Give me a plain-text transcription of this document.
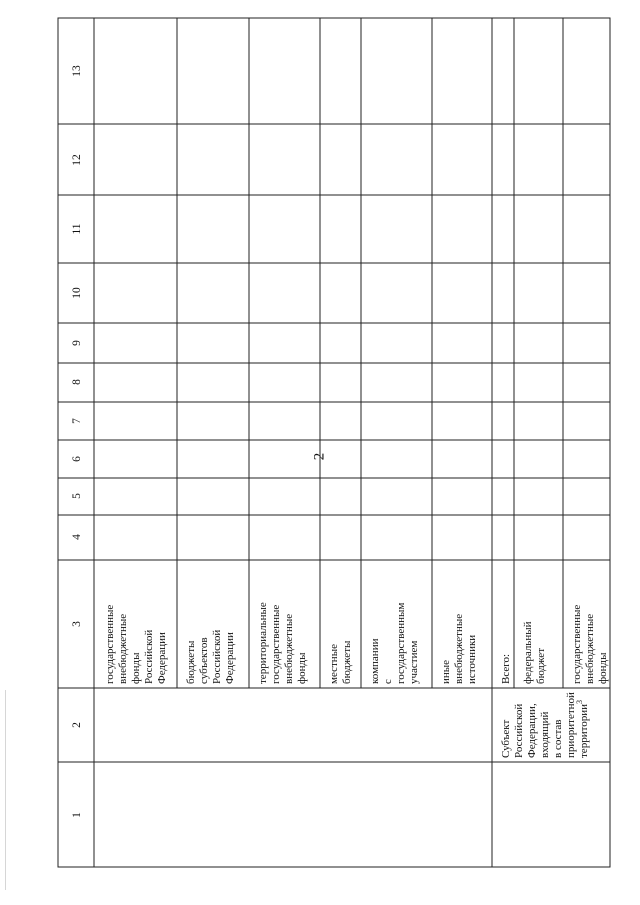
2
1
2
3
4
5
6
7
8
9
10
11
12
13
государственные внебюджетные фонды Российской Федерации бюджеты субъектов Российской Федерации территориальные государственные внебюджетные фонды местные бюджеты компании с государственным участием иные внебюджетные источники
Субъект Российской Федерации, входящий в состав приоритетной территории$^3$
Всего: федеральный бюджет государственные внебюджетные фонды
